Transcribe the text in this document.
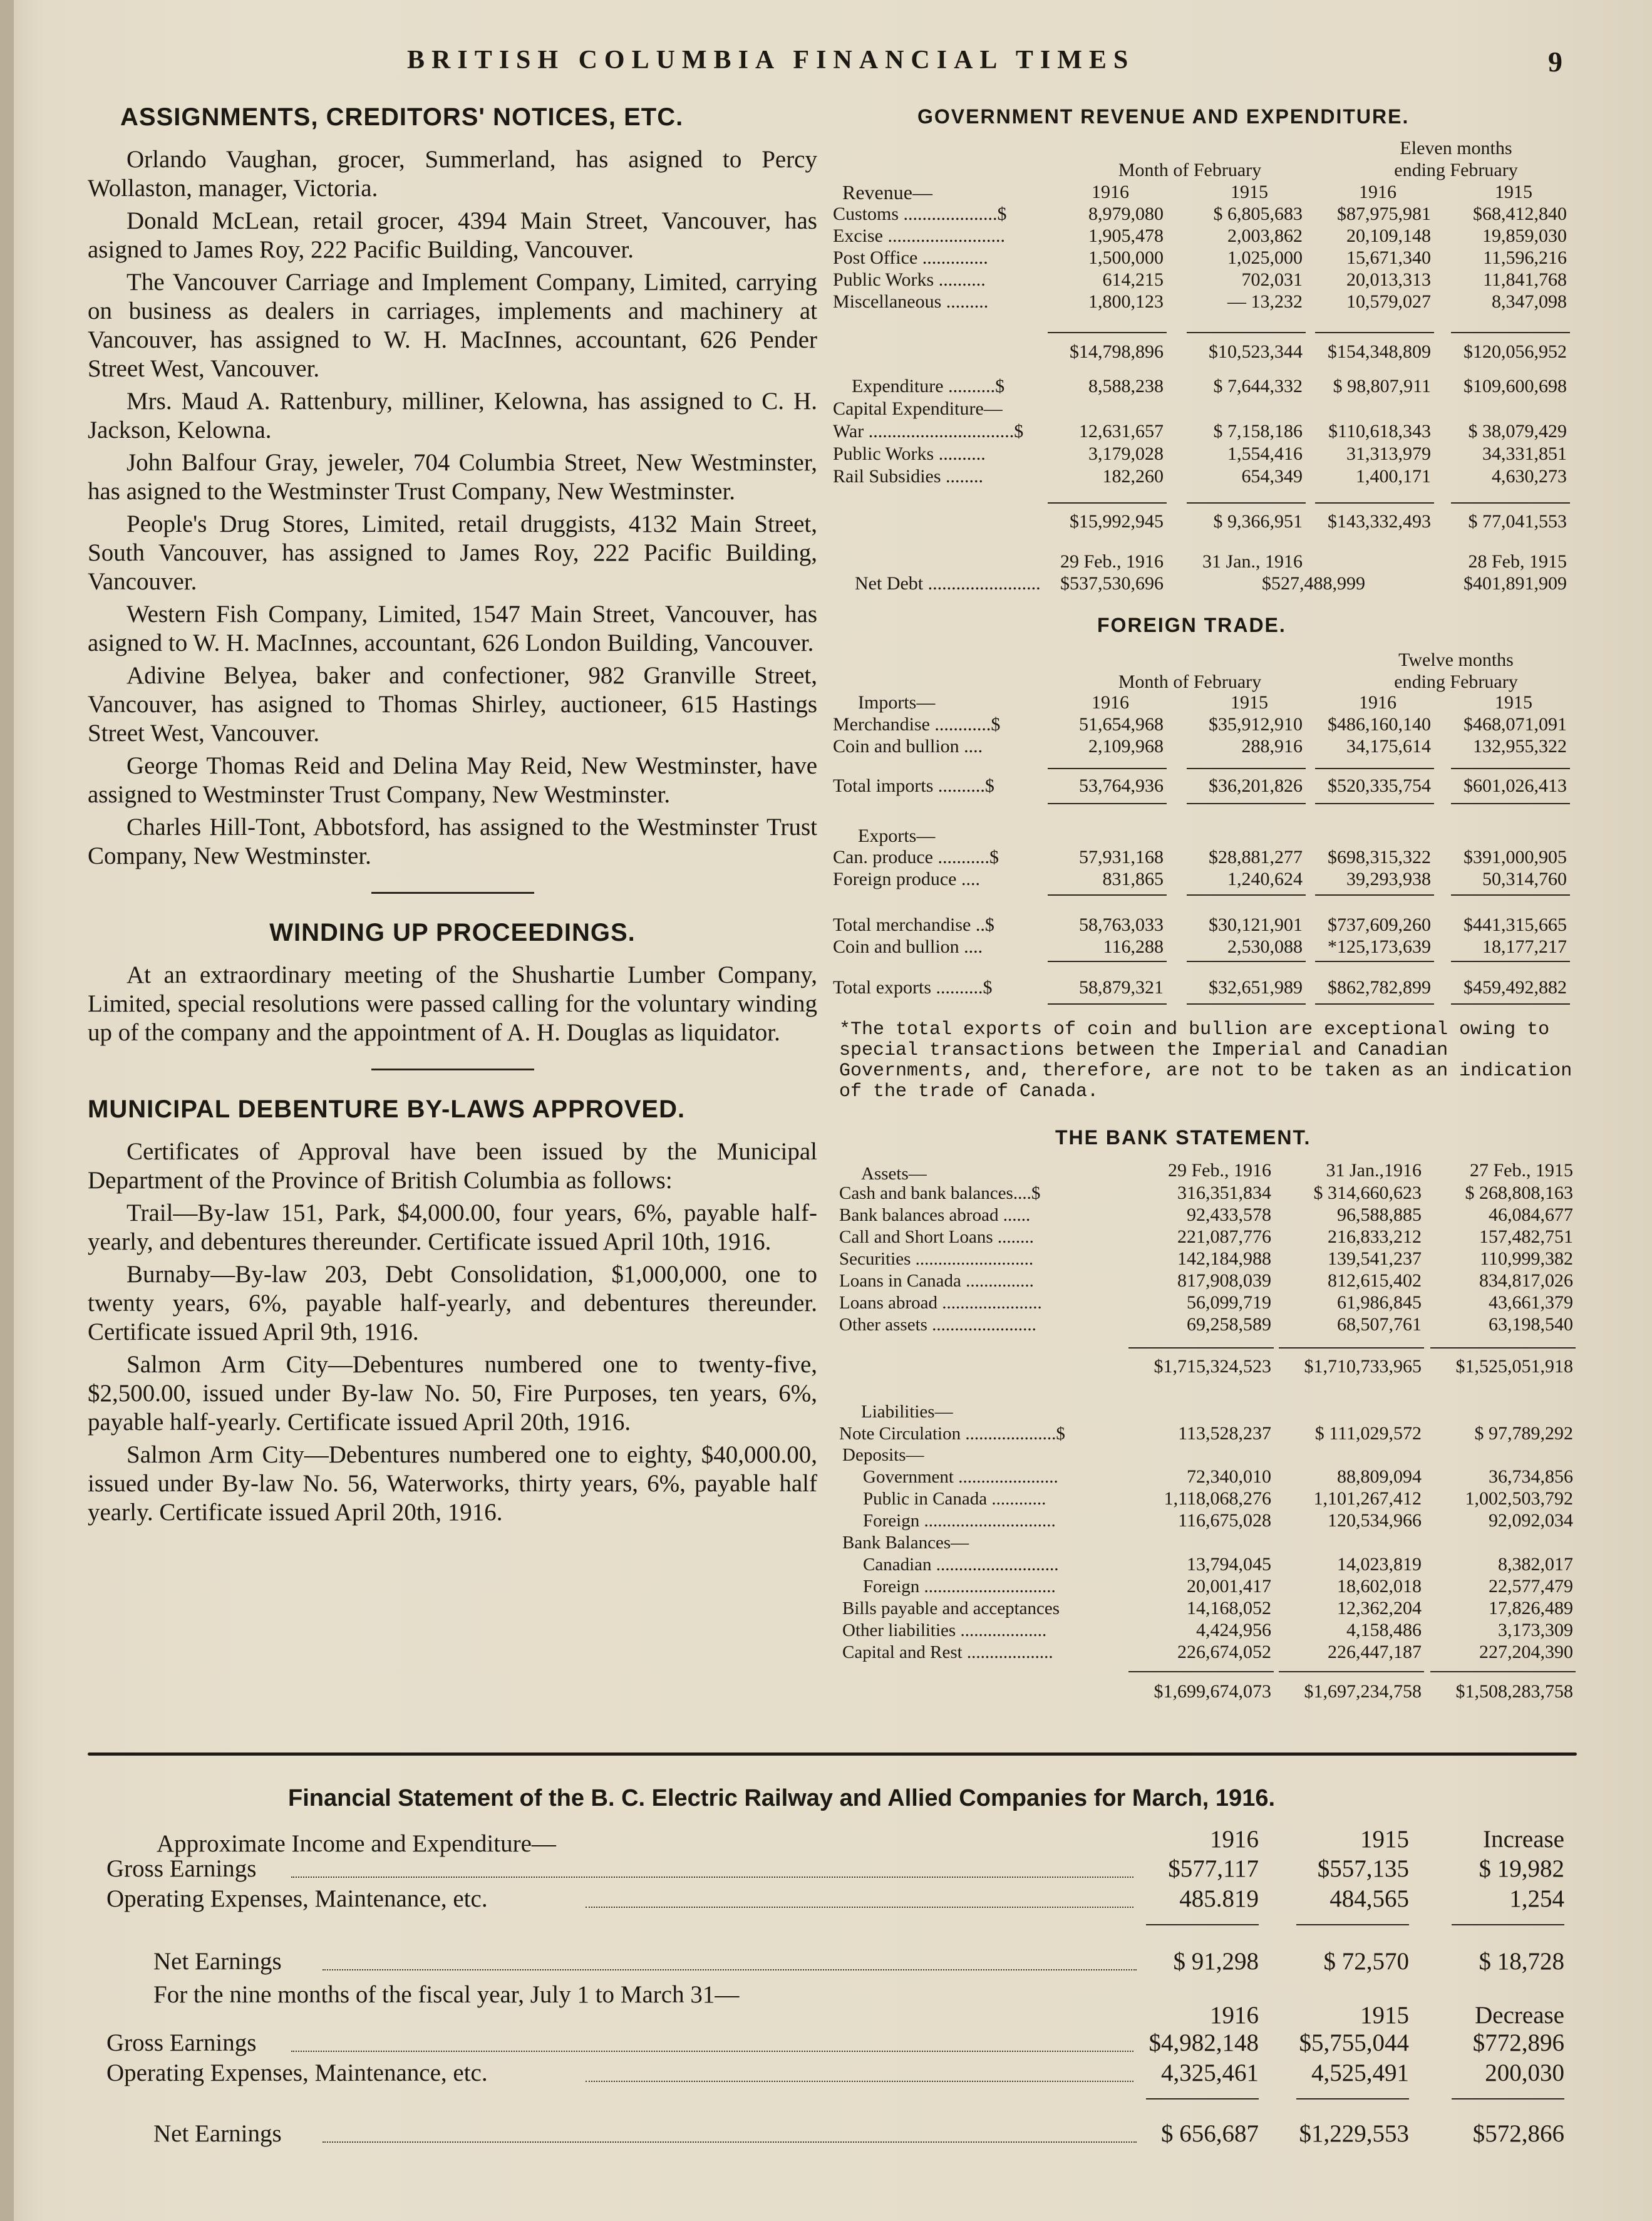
BRITISH COLUMBIA FINANCIAL TIMES	9
ASSIGNMENTS, CREDITORS' NOTICES, ETC.

Orlando Vaughan, grocer, Summerland, has asigned to Percy Wollaston, manager, Victoria.

Donald McLean, retail grocer, 4394 Main Street, Vancouver, has asigned to James Roy, 222 Pacific Building, Vancouver.

The Vancouver Carriage and Implement Company, Limited, carrying on business as dealers in carriages, implements and machinery at Vancouver, has assigned to W. H. MacInnes, accountant, 626 Pender Street West, Vancouver.

Mrs. Maud A. Rattenbury, milliner, Kelowna, has assigned to C. H. Jackson, Kelowna.

John Balfour Gray, jeweler, 704 Columbia Street, New Westminster, has asigned to the Westminster Trust Company, New Westminster.

People's Drug Stores, Limited, retail druggists, 4132 Main Street, South Vancouver, has assigned to James Roy, 222 Pacific Building, Vancouver.

Western Fish Company, Limited, 1547 Main Street, Vancouver, has asigned to W. H. MacInnes, accountant, 626 London Building, Vancouver.

Adivine Belyea, baker and confectioner, 982 Granville Street, Vancouver, has asigned to Thomas Shirley, auctioneer, 615 Hastings Street West, Vancouver.

George Thomas Reid and Delina May Reid, New Westminster, have assigned to Westminster Trust Company, New Westminster.

Charles Hill-Tont, Abbotsford, has assigned to the Westminster Trust Company, New Westminster.

WINDING UP PROCEEDINGS.

At an extraordinary meeting of the Shushartie Lumber Company, Limited, special resolutions were passed calling for the voluntary winding up of the company and the appointment of A. H. Douglas as liquidator.

MUNICIPAL DEBENTURE BY-LAWS APPROVED.

Certificates of Approval have been issued by the Municipal Department of the Province of British Columbia as follows:

Trail—By-law 151, Park, $4,000.00, four years, 6%, payable half-yearly, and debentures thereunder. Certificate issued April 10th, 1916.

Burnaby—By-law 203, Debt Consolidation, $1,000,000, one to twenty years, 6%, payable half-yearly, and debentures thereunder. Certificate issued April 9th, 1916.

Salmon Arm City—Debentures numbered one to twenty-five, $2,500.00, issued under By-law No. 50, Fire Purposes, ten years, 6%, payable half-yearly. Certificate issued April 20th, 1916.

Salmon Arm City—Debentures numbered one to eighty, $40,000.00, issued under By-law No. 56, Waterworks, thirty years, 6%, payable half yearly. Certificate issued April 20th, 1916.

GOVERNMENT REVENUE AND EXPENDITURE.
Month of February
Eleven months
ending February
Revenue—
FOREIGN TRADE.
*The total exports of coin and bullion are exceptional owing to special transactions between the Imperial and Canadian Governments, and, therefore, are not to be taken as an indication of the trade of Canada.
THE BANK STATEMENT.
Financial Statement of the B. C. Electric Railway and Allied Companies for March, 1916.
1916	1915	1916	1915
Customs ....................$	8,979,080	$ 6,805,683	$87,975,981	$68,412,840
Excise .........................	1,905,478	2,003,862	20,109,148	19,859,030
Post Office ..............	1,500,000	1,025,000	15,671,340	11,596,216
Public Works ..........	614,215	702,031	20,013,313	11,841,768
Miscellaneous .........	1,800,123	— 13,232	10,579,027	8,347,098
$14,798,896	$10,523,344	$154,348,809	$120,056,952
Expenditure ..........$	8,588,238	$ 7,644,332	$ 98,807,911	$109,600,698
Capital Expenditure—
War ...............................$	12,631,657	$ 7,158,186	$110,618,343	$ 38,079,429
Public Works ..........	3,179,028	1,554,416	31,313,979	34,331,851
Rail Subsidies ........	182,260	654,349	1,400,171	4,630,273
$15,992,945	$ 9,366,951	$143,332,493	$ 77,041,553
29 Feb., 1916	31 Jan., 1916	28 Feb, 1915
Net Debt ........................	$537,530,696	$527,488,999	$401,891,909
Month of February
Twelve months
ending February
Imports—	1916	1915	1916	1915
Merchandise ............$	51,654,968	$35,912,910	$486,160,140	$468,071,091
Coin and bullion ....	2,109,968	288,916	34,175,614	132,955,322
Total imports ..........$	53,764,936	$36,201,826	$520,335,754	$601,026,413
Exports—
Can. produce ...........$	57,931,168	$28,881,277	$698,315,322	$391,000,905
Foreign produce ....	831,865	1,240,624	39,293,938	50,314,760
Total merchandise ..$	58,763,033	$30,121,901	$737,609,260	$441,315,665
Coin and bullion ....	116,288	2,530,088	*125,173,639	18,177,217
Total exports ..........$	58,879,321	$32,651,989	$862,782,899	$459,492,882
Assets—	29 Feb., 1916	31 Jan.,1916	27 Feb., 1915
Cash and bank balances....$	316,351,834	$ 314,660,623	$ 268,808,163
Bank balances abroad ......	92,433,578	96,588,885	46,084,677
Call and Short Loans ........	221,087,776	216,833,212	157,482,751
Securities ..........................	142,184,988	139,541,237	110,999,382
Loans in Canada ...............	817,908,039	812,615,402	834,817,026
Loans abroad ......................	56,099,719	61,986,845	43,661,379
Other assets .......................	69,258,589	68,507,761	63,198,540
$1,715,324,523	$1,710,733,965	$1,525,051,918
Liabilities—
Note Circulation ....................$	113,528,237	$ 111,029,572	$ 97,789,292
Deposits—
Government ......................	72,340,010	88,809,094	36,734,856
Public in Canada ............	1,118,068,276	1,101,267,412	1,002,503,792
Foreign .............................	116,675,028	120,534,966	92,092,034
Bank Balances—
Canadian ...........................	13,794,045	14,023,819	8,382,017
Foreign .............................	20,001,417	18,602,018	22,577,479
Bills payable and acceptances	14,168,052	12,362,204	17,826,489
Other liabilities ...................	4,424,956	4,158,486	3,173,309
Capital and Rest ...................	226,674,052	226,447,187	227,204,390
$1,699,674,073	$1,697,234,758	$1,508,283,758
Approximate Income and Expenditure—	1916	1915	Increase
Gross Earnings	$577,117	$557,135	$ 19,982
Operating Expenses, Maintenance, etc.	485.819	484,565	1,254
Net Earnings	$ 91,298	$ 72,570	$ 18,728
For the nine months of the fiscal year, July 1 to March 31—
1916	1915	Decrease
Gross Earnings	$4,982,148	$5,755,044	$772,896
Operating Expenses, Maintenance, etc.	4,325,461	4,525,491	200,030
Net Earnings	$ 656,687	$1,229,553	$572,866
